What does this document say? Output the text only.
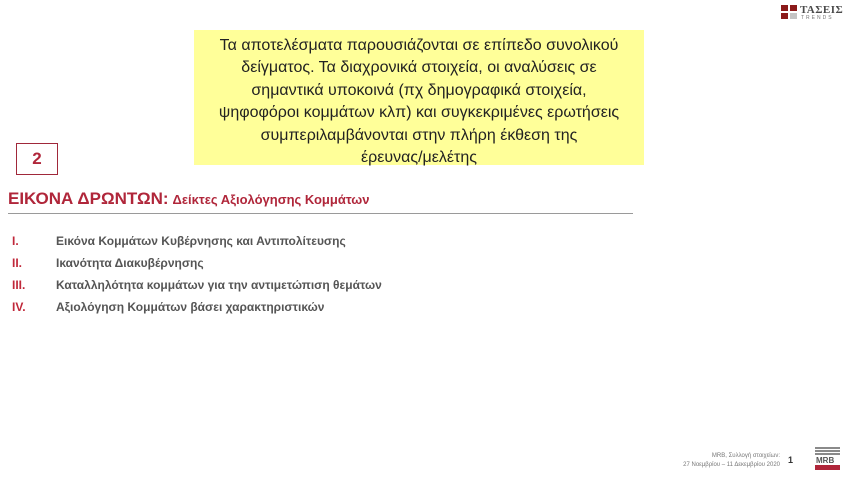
ΤΑΣΕΙΣ
TRENDS
Τα αποτελέσματα παρουσιάζονται σε επίπεδο συνολικού
δείγματος. Τα διαχρονικά στοιχεία, οι αναλύσεις σε
σημαντικά υποκοινά (πχ δημογραφικά στοιχεία,
ψηφοφόροι κομμάτων κλπ) και συγκεκριμένες ερωτήσεις
συμπεριλαμβάνονται στην πλήρη έκθεση της
έρευνας/μελέτης
2
ΕΙΚΟΝΑ ΔΡΩΝΤΩΝ: Δείκτες Αξιολόγησης Κομμάτων
I.	Εικόνα Κομμάτων Κυβέρνησης και Αντιπολίτευσης
II.	Ικανότητα Διακυβέρνησης
III.	Καταλληλότητα κομμάτων για την αντιμετώπιση θεμάτων
IV.	Αξιολόγηση Κομμάτων βάσει χαρακτηριστικών
MRB, Συλλογή στοιχείων:
27 Νοεμβρίου – 11 Δεκεμβρίου 2020 1	MRB
